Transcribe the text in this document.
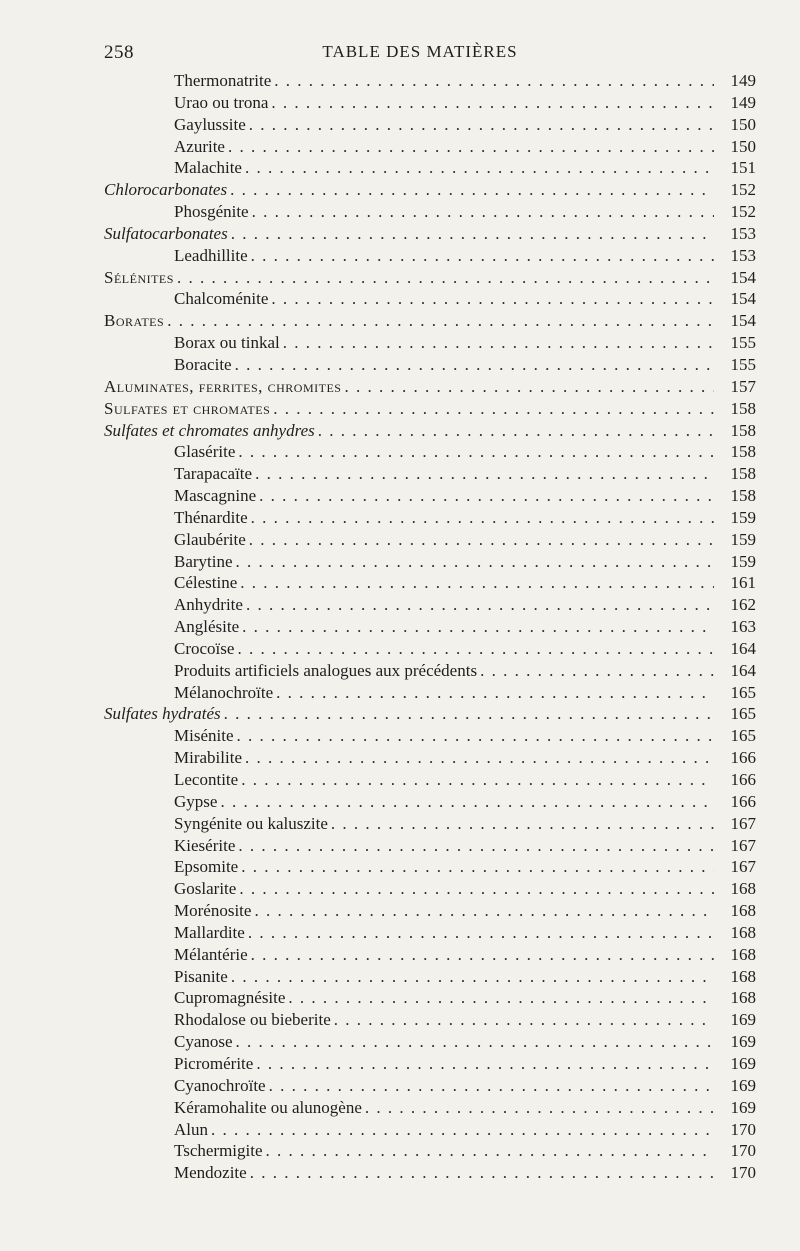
258	TABLE DES MATIÈRES
Thermonatrite . . .	149
Urao ou trona . . .	149
Gaylussite . . .	150
Azurite . . .	150
Malachite . . .	151
Chlorocarbonates . . .	152
Phosgénite . . .	152
Sulfatocarbonates . . .	153
Leadhillite . . .	153
Sélénites . . .	154
Chalcoménite . . .	154
Borates . . .	154
Borax ou tinkal . . .	155
Boracite . . .	155
Aluminates, ferrites, chromites . . .	157
Sulfates et chromates . . .	158
Sulfates et chromates anhydres . . .	158
Glasérite . . .	158
Tarapacaïte . . .	158
Mascagnine . . .	158
Thénardite . . .	159
Glaubérite . . .	159
Barytine . . .	159
Célestine . . .	161
Anhydrite . . .	162
Anglésite . . .	163
Crocoïse . . .	164
Produits artificiels analogues aux précédents . . .	164
Mélanochroïte . . .	165
Sulfates hydratés . . .	165
Misénite . . .	165
Mirabilite . . .	166
Lecontite . . .	166
Gypse . . .	166
Syngénite ou kaluszite . . .	167
Kiesérite . . .	167
Epsomite . . .	167
Goslarite . . .	168
Morénosite . . .	168
Mallardite . . .	168
Mélantérie . . .	168
Pisanite . . .	168
Cupromagnésite . . .	168
Rhodalose ou bieberite . . .	169
Cyanose . . .	169
Picromérite . . .	169
Cyanochroïte . . .	169
Kéramohalite ou alunogène . . .	169
Alun . . .	170
Tschermigite . . .	170
Mendozite . . .	170
